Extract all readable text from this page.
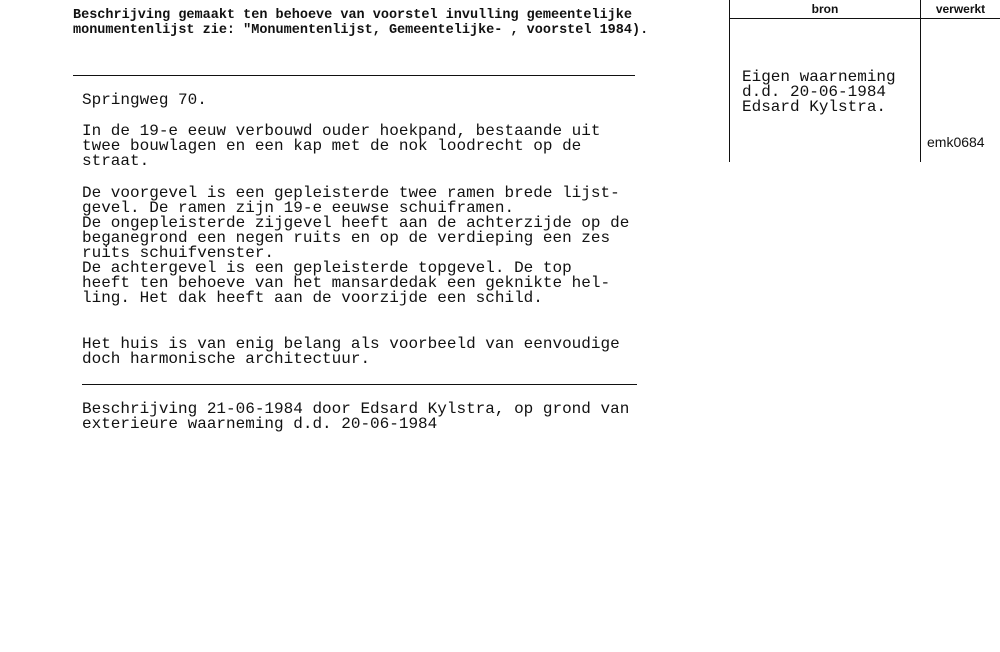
Beschrijving gemaakt ten behoeve van voorstel invulling gemeentelijke
monumentenlijst zie: "Monumentenlijst, Gemeentelijke- , voorstel 1984).
Springweg 70.
In de 19-e eeuw verbouwd ouder hoekpand, bestaande uit
twee bouwlagen en een kap met de nok loodrecht op de
straat.
De voorgevel is een gepleisterde twee ramen brede lijst-
gevel. De ramen zijn 19-e eeuwse schuiframen.
De ongepleisterde zijgevel heeft aan de achterzijde op de
beganegrond een negen ruits en op de verdieping een zes
ruits schuifvenster.
De achtergevel is een gepleisterde topgevel. De top
heeft ten behoeve van het mansardedak een geknikte hel-
ling. Het dak heeft aan de voorzijde een schild.
Het huis is van enig belang als voorbeeld van eenvoudige
doch harmonische architectuur.
Beschrijving 21-06-1984 door Edsard Kylstra, op grond van
exterieure waarneming d.d. 20-06-1984
bron	verwerkt
Eigen waarneming
d.d. 20-06-1984
Edsard Kylstra.
emk0684
